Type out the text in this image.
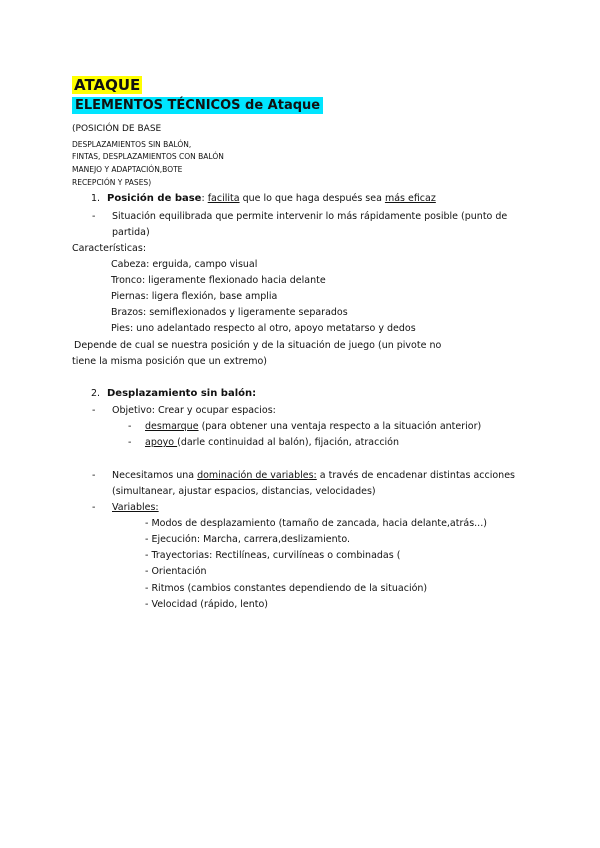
ATAQUE
ELEMENTOS TÉCNICOS de Ataque
(POSICIÓN DE BASE
DESPLAZAMIENTOS SIN BALÓN,
FINTAS, DESPLAZAMIENTOS CON BALÓN
MANEJO Y ADAPTACIÓN,BOTE
RECEPCIÓN Y PASES)
1. Posición de base: facilita que lo que haga después sea más eficaz
- Situación equilibrada que permite intervenir lo más rápidamente posible (punto de
partida)
Características:
Cabeza: erguida, campo visual
Tronco: ligeramente flexionado hacia delante
Piernas: ligera flexión, base amplia
Brazos: semiflexionados y ligeramente separados
Pies: uno adelantado respecto al otro, apoyo metatarso y dedos
Depende de cual se nuestra posición y de la situación de juego (un pivote no
tiene la misma posición que un extremo)
2. Desplazamiento sin balón:
- Objetivo: Crear y ocupar espacios:
- desmarque (para obtener una ventaja respecto a la situación anterior)
- apoyo (darle continuidad al balón), fijación, atracción
- Necesitamos una dominación de variables: a través de encadenar distintas acciones
(simultanear, ajustar espacios, distancias, velocidades)
- Variables:
- Modos de desplazamiento (tamaño de zancada, hacia delante,atrás...)
- Ejecución: Marcha, carrera,deslizamiento.
- Trayectorias: Rectilíneas, curvilíneas o combinadas (
- Orientación
- Ritmos (cambios constantes dependiendo de la situación)
- Velocidad (rápido, lento)
